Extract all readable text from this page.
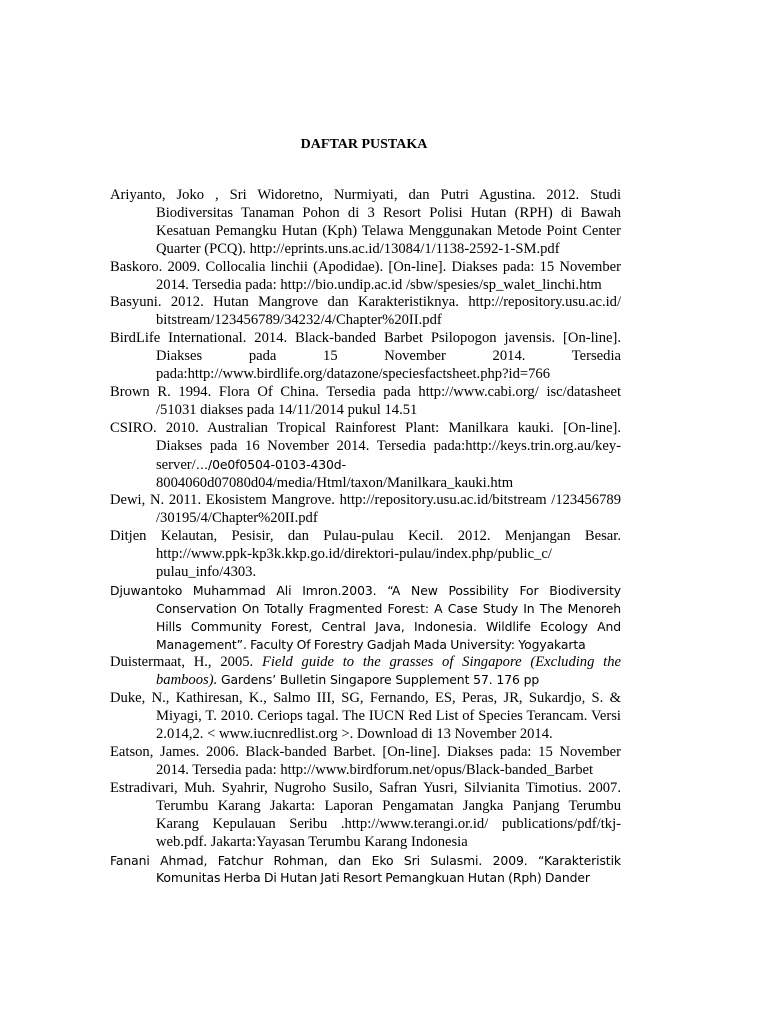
DAFTAR PUSTAKA
Ariyanto, Joko , Sri Widoretno, Nurmiyati, dan Putri Agustina. 2012. Studi Biodiversitas Tanaman Pohon di 3 Resort Polisi Hutan (RPH) di Bawah Kesatuan Pemangku Hutan (Kph) Telawa Menggunakan Metode Point Center Quarter (PCQ). http://eprints.uns.ac.id/13084/1/1138-2592-1-SM.pdf
Baskoro. 2009. Collocalia linchii (Apodidae). [On-line]. Diakses pada: 15 November 2014. Tersedia pada: http://bio.undip.ac.id /sbw/spesies/sp_walet_linchi.htm
Basyuni. 2012. Hutan Mangrove dan Karakteristiknya. http://repository.usu.ac.id/ bitstream/123456789/34232/4/Chapter%20II.pdf
BirdLife International. 2014. Black-banded Barbet Psilopogon javensis. [On-line]. Diakses pada 15 November 2014. Tersedia pada:http://www.birdlife.org/datazone/speciesfactsheet.php?id=766
Brown R. 1994. Flora Of China. Tersedia pada http://www.cabi.org/ isc/datasheet /51031 diakses pada 14/11/2014 pukul 14.51
CSIRO. 2010. Australian Tropical Rainforest Plant: Manilkara kauki. [On-line]. Diakses pada 16 November 2014. Tersedia pada:http://keys.trin.org.au/key-server/…/0e0f0504-0103-430d- 8004060d07080d04/media/Html/taxon/Manilkara_kauki.htm
Dewi, N. 2011. Ekosistem Mangrove. http://repository.usu.ac.id/bitstream /123456789 /30195/4/Chapter%20II.pdf
Ditjen Kelautan, Pesisir, dan Pulau-pulau Kecil. 2012. Menjangan Besar. http://www.ppk-kp3k.kkp.go.id/direktori-pulau/index.php/public_c/ pulau_info/4303.
Djuwantoko Muhammad Ali Imron.2003. “A New Possibility For Biodiversity Conservation On Totally Fragmented Forest: A Case Study In The Menoreh Hills Community Forest, Central Java, Indonesia. Wildlife Ecology And Management”. Faculty Of Forestry Gadjah Mada University: Yogyakarta
Duistermaat, H., 2005. Field guide to the grasses of Singapore (Excluding the bamboos). Gardens’ Bulletin Singapore Supplement 57. 176 pp
Duke, N., Kathiresan, K., Salmo III, SG, Fernando, ES, Peras, JR, Sukardjo, S. & Miyagi, T. 2010. Ceriops tagal. The IUCN Red List of Species Terancam. Versi 2.014,2. < www.iucnredlist.org >. Download di 13 November 2014.
Eatson, James. 2006. Black-banded Barbet. [On-line]. Diakses pada: 15 November 2014. Tersedia pada: http://www.birdforum.net/opus/Black-banded_Barbet
Estradivari, Muh. Syahrir, Nugroho Susilo, Safran Yusri, Silvianita Timotius. 2007. Terumbu Karang Jakarta: Laporan Pengamatan Jangka Panjang Terumbu Karang Kepulauan Seribu .http://www.terangi.or.id/ publications/pdf/tkj-web.pdf. Jakarta:Yayasan Terumbu Karang Indonesia
Fanani Ahmad, Fatchur Rohman, dan Eko Sri Sulasmi. 2009. “Karakteristik Komunitas Herba Di Hutan Jati Resort Pemangkuan Hutan (Rph) Dander
